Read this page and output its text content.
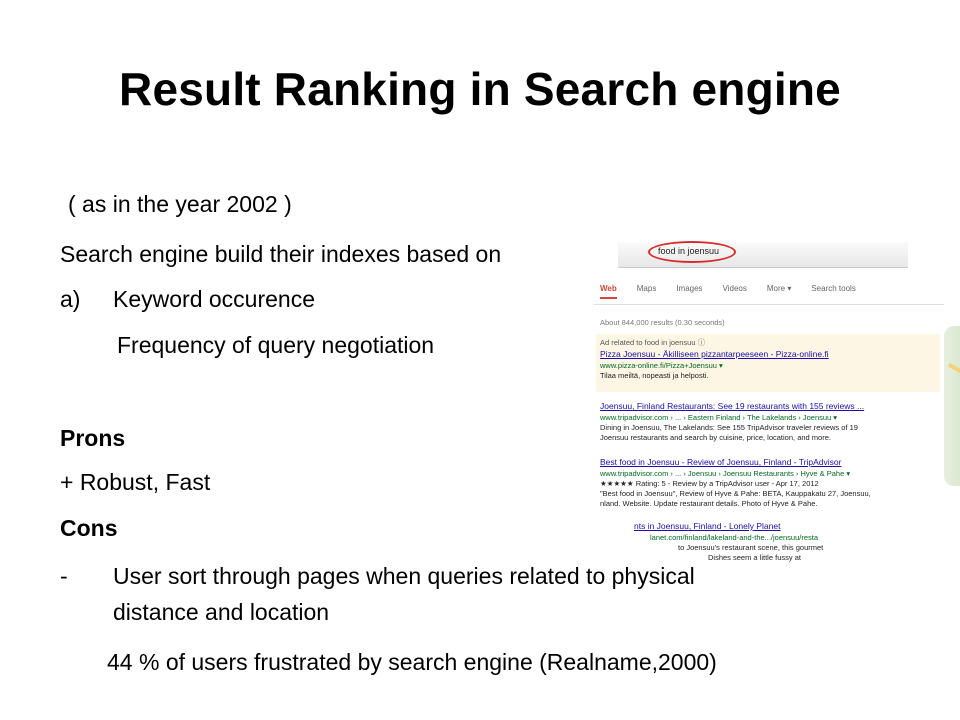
Result Ranking in Search engine
( as in the year 2002 )
Search engine build their indexes based on
a) Keyword occurence
Frequency of query negotiation
Prons
+ Robust, Fast
Cons
food in joensuu
Web	Maps	Images	Videos	More ▾	Search tools
About 844,000 results (0.30 seconds)
Ad related to food in joensuu ⓘ
Pizza Joensuu - Äkilliseen pizzantarpeeseen - Pizza-online.fi
www.pizza-online.fi/Pizza+Joensuu ▾
Tilaa meiltä, nopeasti ja helposti.
Joensuu, Finland Restaurants: See 19 restaurants with 155 reviews ...
www.tripadvisor.com › ... › Eastern Finland › The Lakelands › Joensuu ▾
Dining in Joensuu, The Lakelands: See 155 TripAdvisor traveler reviews of 19
Joensuu restaurants and search by cuisine, price, location, and more.
Best food in Joensuu - Review of Joensuu, Finland - TripAdvisor
www.tripadvisor.com › ... › Joensuu › Joensuu Restaurants › Hyve & Pahe ▾
★★★★★ Rating: 5 - Review by a TripAdvisor user - Apr 17, 2012
"Best food in Joensuu", Review of Hyve & Pahe: BETA, Kauppakatu 27, Joensuu,
nland. Website. Update restaurant details. Photo of Hyve & Pahe.
nts in Joensuu, Finland - Lonely Planet
lanet.com/finland/lakeland-and-the.../joensuu/resta
to Joensuu's restaurant scene, this gourmet
Dishes seem a little fussy at
- User sort through pages when queries related to physical
distance and location
44 % of users frustrated by search engine (Realname,2000)
